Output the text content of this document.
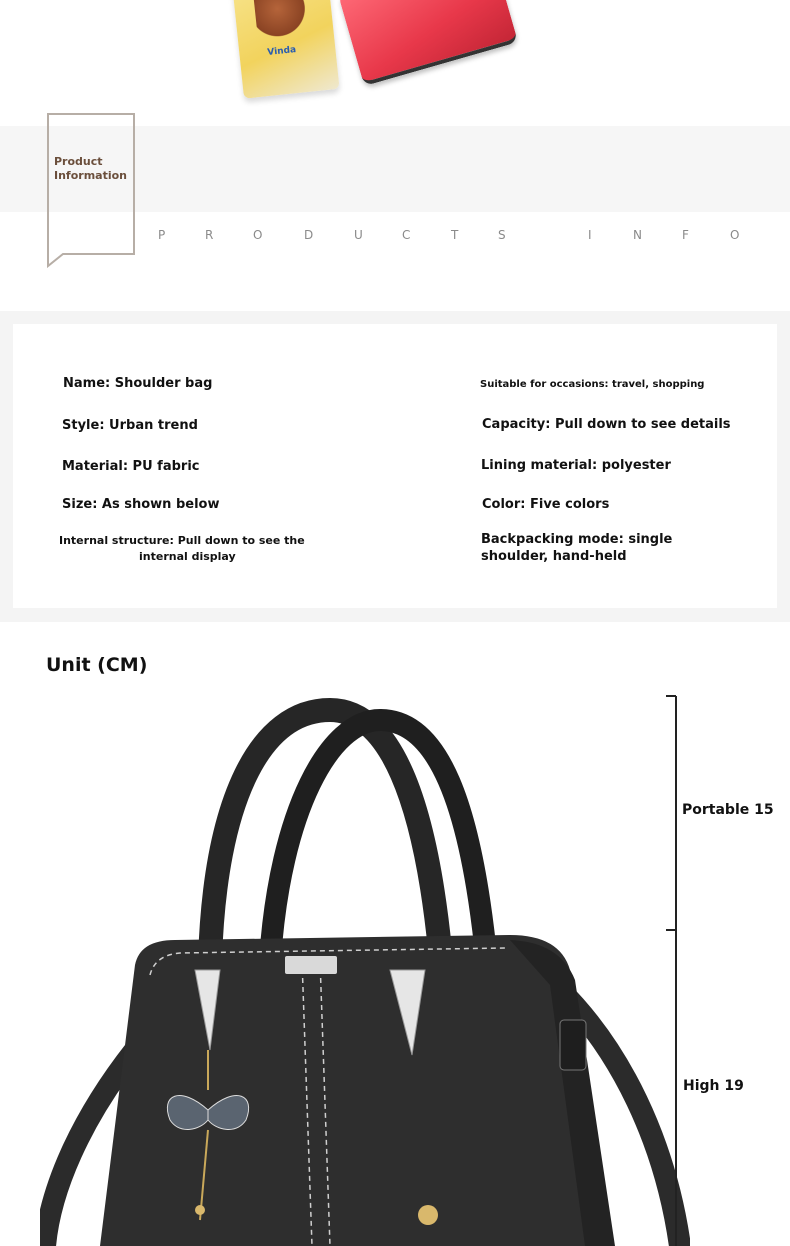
Vinda
Product
Information
P	R	O	D	U	C	T	S	I	N	F	O
Name: Shoulder bag
Style: Urban trend
Material: PU fabric
Size: As shown below
Internal structure: Pull down to see the
internal display
Suitable for occasions: travel, shopping
Capacity: Pull down to see details
Lining material: polyester
Color: Five colors
Backpacking mode: single
shoulder, hand-held
Unit (CM)
Portable 15
High 19
